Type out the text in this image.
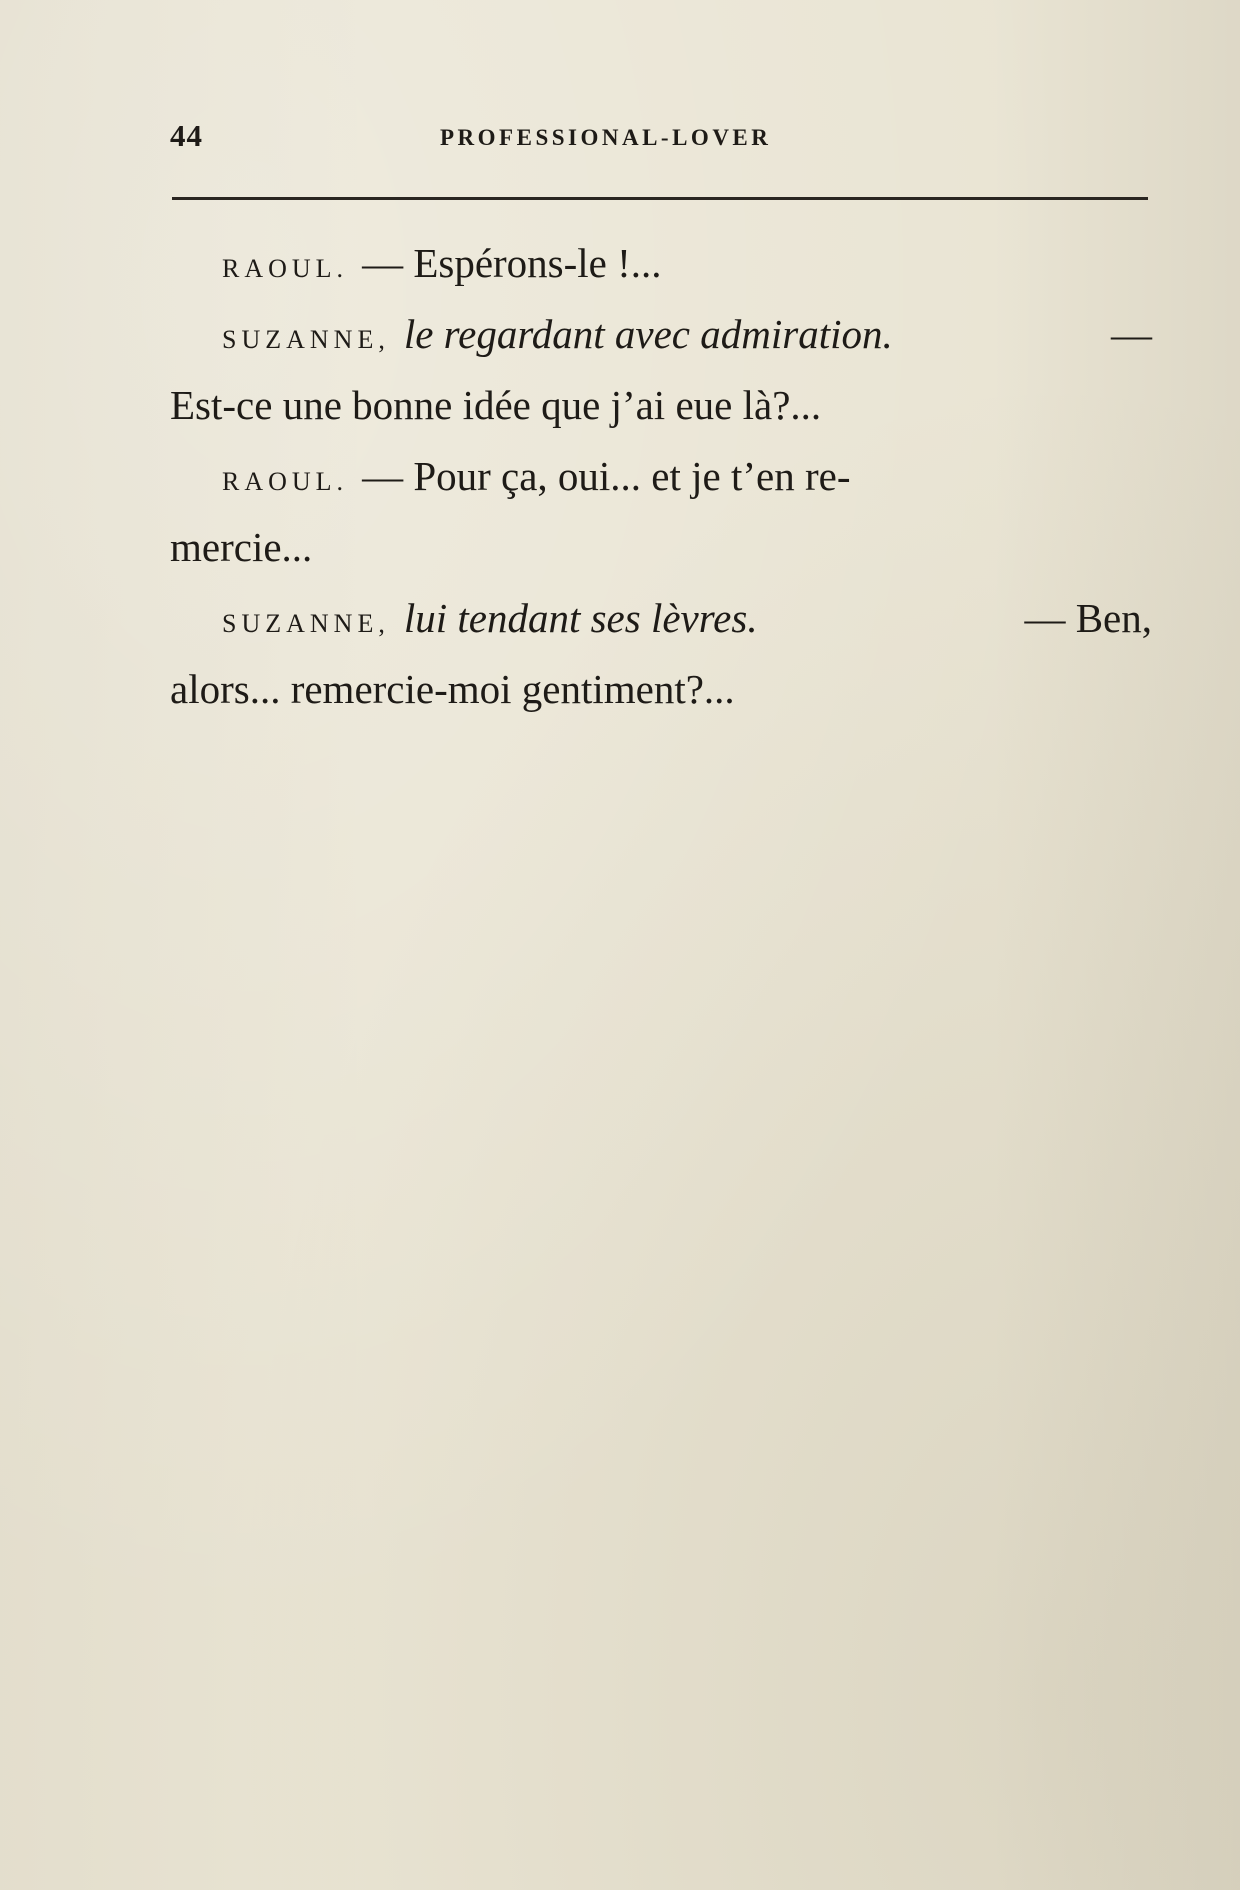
44	PROFESSIONAL-LOVER
RAOUL. — Espérons-le !...
SUZANNE, le regardant avec admiration.	—
Est-ce une bonne idée que j’ai eue là?...
RAOUL. — Pour ça, oui... et je t’en re-
mercie...
SUZANNE, lui tendant ses lèvres.	— Ben,
alors... remercie-moi gentiment?...
